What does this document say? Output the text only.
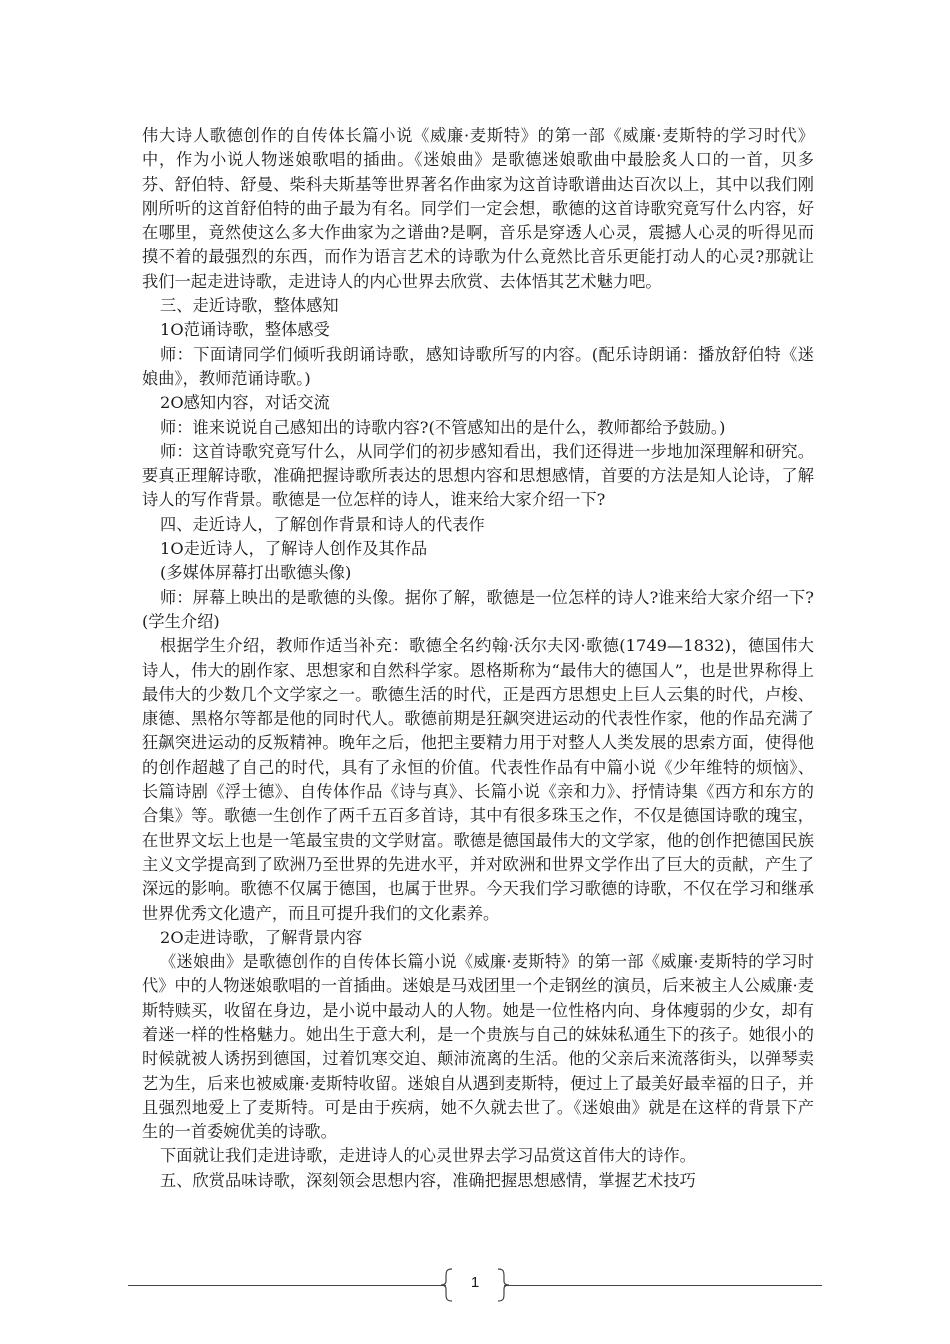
伟大诗人歌德创作的自传体长篇小说《威廉·麦斯特》的第一部《威廉·麦斯特的学习时代》中，作为小说人物迷娘歌唱的插曲。《迷娘曲》是歌德迷娘歌曲中最脍炙人口的一首，贝多芬、舒伯特、舒曼、柴科夫斯基等世界著名作曲家为这首诗歌谱曲达百次以上，其中以我们刚刚所听的这首舒伯特的曲子最为有名。同学们一定会想，歌德的这首诗歌究竟写什么内容，好在哪里，竟然使这么多大作曲家为之谱曲?是啊，音乐是穿透人心灵，震撼人心灵的听得见而摸不着的最强烈的东西，而作为语言艺术的诗歌为什么竟然比音乐更能打动人的心灵?那就让我们一起走进诗歌，走进诗人的内心世界去欣赏、去体悟其艺术魅力吧。

三、走近诗歌，整体感知

1O范诵诗歌，整体感受

师：下面请同学们倾听我朗诵诗歌，感知诗歌所写的内容。(配乐诗朗诵：播放舒伯特《迷娘曲》，教师范诵诗歌。)

2O感知内容，对话交流

师：谁来说说自己感知出的诗歌内容?(不管感知出的是什么，教师都给予鼓励。)

师：这首诗歌究竟写什么，从同学们的初步感知看出，我们还得进一步地加深理解和研究。要真正理解诗歌，准确把握诗歌所表达的思想内容和思想感情，首要的方法是知人论诗，了解诗人的写作背景。歌德是一位怎样的诗人，谁来给大家介绍一下?

四、走近诗人，了解创作背景和诗人的代表作

1O走近诗人，了解诗人创作及其作品

(多媒体屏幕打出歌德头像)

师：屏幕上映出的是歌德的头像。据你了解，歌德是一位怎样的诗人?谁来给大家介绍一下?(学生介绍)

根据学生介绍，教师作适当补充：歌德全名约翰·沃尔夫冈·歌德(1749—1832)，德国伟大诗人，伟大的剧作家、思想家和自然科学家。恩格斯称为“最伟大的德国人”，也是世界称得上最伟大的少数几个文学家之一。歌德生活的时代，正是西方思想史上巨人云集的时代，卢梭、康德、黑格尔等都是他的同时代人。歌德前期是狂飙突进运动的代表性作家，他的作品充满了狂飙突进运动的反叛精神。晚年之后，他把主要精力用于对整人人类发展的思索方面，使得他的创作超越了自己的时代，具有了永恒的价值。代表性作品有中篇小说《少年维特的烦恼》、长篇诗剧《浮士德》、自传体作品《诗与真》、长篇小说《亲和力》、抒情诗集《西方和东方的合集》等。歌德一生创作了两千五百多首诗，其中有很多珠玉之作，不仅是德国诗歌的瑰宝，在世界文坛上也是一笔最宝贵的文学财富。歌德是德国最伟大的文学家，他的创作把德国民族主义文学提高到了欧洲乃至世界的先进水平，并对欧洲和世界文学作出了巨大的贡献，产生了深远的影响。歌德不仅属于德国，也属于世界。今天我们学习歌德的诗歌，不仅在学习和继承世界优秀文化遗产，而且可提升我们的文化素养。

2O走进诗歌，了解背景内容

《迷娘曲》是歌德创作的自传体长篇小说《威廉·麦斯特》的第一部《威廉·麦斯特的学习时代》中的人物迷娘歌唱的一首插曲。迷娘是马戏团里一个走钢丝的演员，后来被主人公威廉·麦斯特赎买，收留在身边，是小说中最动人的人物。她是一位性格内向、身体瘦弱的少女，却有着迷一样的性格魅力。她出生于意大利，是一个贵族与自己的妹妹私通生下的孩子。她很小的时候就被人诱拐到德国，过着饥寒交迫、颠沛流离的生活。他的父亲后来流落街头，以弹琴卖艺为生，后来也被威廉·麦斯特收留。迷娘自从遇到麦斯特，便过上了最美好最幸福的日子，并且强烈地爱上了麦斯特。可是由于疾病，她不久就去世了。《迷娘曲》就是在这样的背景下产生的一首委婉优美的诗歌。

下面就让我们走进诗歌，走进诗人的心灵世界去学习品赏这首伟大的诗作。

五、欣赏品味诗歌，深刻领会思想内容，准确把握思想感情，掌握艺术技巧

1
